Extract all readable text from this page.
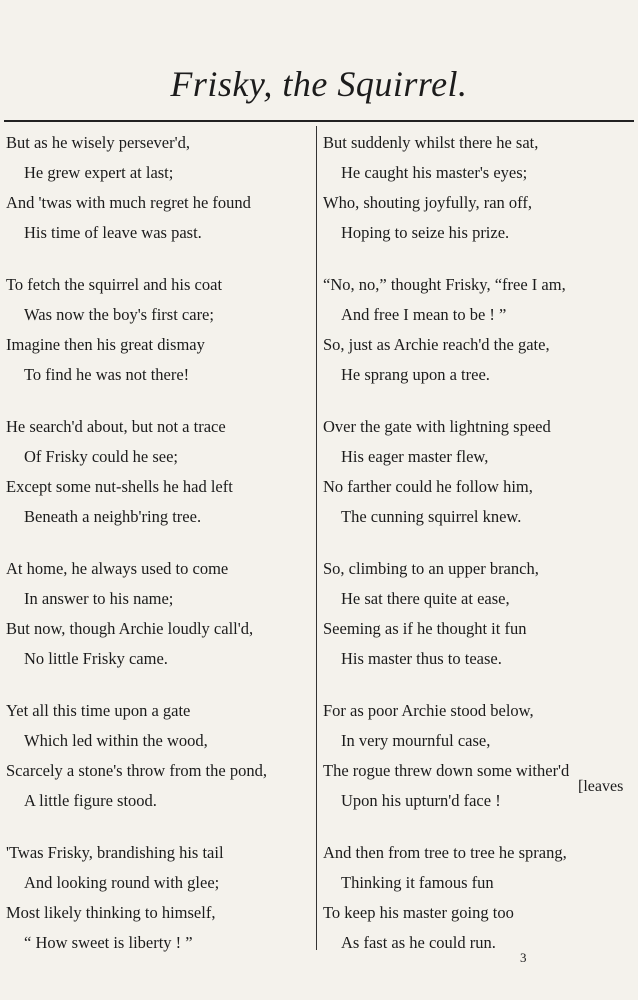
Frisky, the Squirrel.
But as he wisely persever'd,
He grew expert at last;
And 'twas with much regret he found
His time of leave was past.
To fetch the squirrel and his coat
Was now the boy's first care;
Imagine then his great dismay
To find he was not there!
He search'd about, but not a trace
Of Frisky could he see;
Except some nut-shells he had left
Beneath a neighb'ring tree.
At home, he always used to come
In answer to his name;
But now, though Archie loudly call'd,
No little Frisky came.
Yet all this time upon a gate
Which led within the wood,
Scarcely a stone's throw from the pond,
A little figure stood.
'Twas Frisky, brandishing his tail
And looking round with glee;
Most likely thinking to himself,
“ How sweet is liberty ! ”
But suddenly whilst there he sat,
He caught his master's eyes;
Who, shouting joyfully, ran off,
Hoping to seize his prize.
“No, no,” thought Frisky, “free I am,
And free I mean to be ! ”
So, just as Archie reach'd the gate,
He sprang upon a tree.
Over the gate with lightning speed
His eager master flew,
No farther could he follow him,
The cunning squirrel knew.
So, climbing to an upper branch,
He sat there quite at ease,
Seeming as if he thought it fun
His master thus to tease.
For as poor Archie stood below,
In very mournful case,
The rogue threw down some wither'd
Upon his upturn'd face !
And then from tree to tree he sprang,
Thinking it famous fun
To keep his master going too
As fast as he could run.
[leaves
3
